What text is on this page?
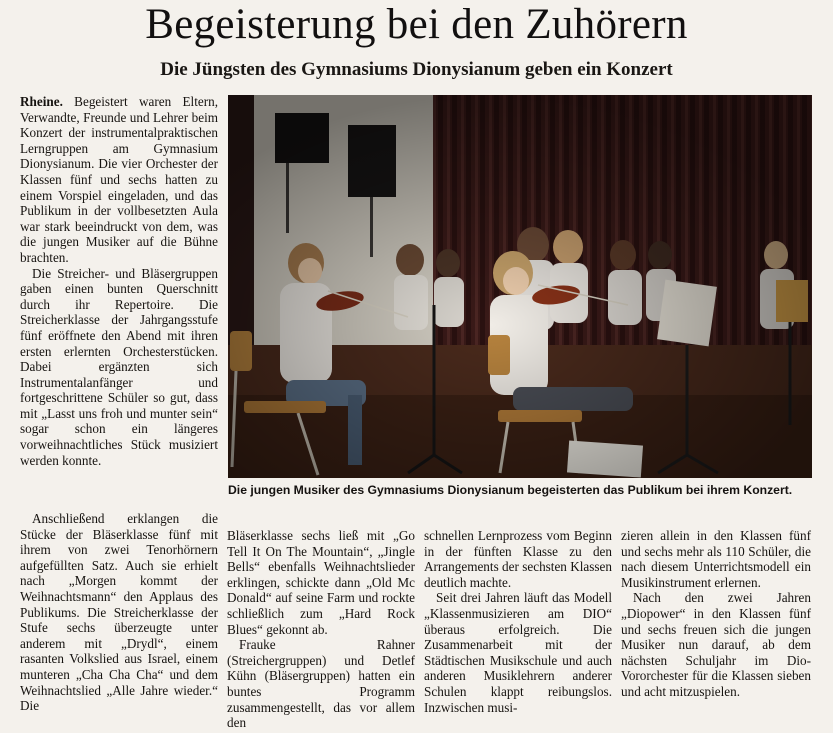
Begeisterung bei den Zuhörern
Die Jüngsten des Gymnasiums Dionysianum geben ein Konzert

Rheine. Begeistert waren Eltern, Verwandte, Freunde und Lehrer beim Konzert der instrumentalpraktischen Lerngruppen am Gymnasium Dionysianum. Die vier Orchester der Klassen fünf und sechs hatten zu einem Vorspiel eingeladen, und das Publikum in der vollbesetzten Aula war stark beeindruckt von dem, was die jungen Musiker auf die Bühne brachten.

Die Streicher- und Bläsergruppen gaben einen bunten Querschnitt durch ihr Repertoire. Die Streicherklasse der Jahrgangsstufe fünf eröffnete den Abend mit ihren ersten erlernten Orchesterstücken. Dabei ergänzten sich Instrumentalanfänger und fortgeschrittene Schüler so gut, dass mit „Lasst uns froh und munter sein“ sogar schon ein längeres vorweihnachtliches Stück musiziert werden konnte.

Anschließend erklangen die Stücke der Bläserklasse fünf mit ihrem von zwei Tenorhörnern aufgefüllten Satz. Auch sie erhielt nach „Morgen kommt der Weihnachtsmann“ den Applaus des Publikums. Die Streicherklasse der Stufe sechs überzeugte unter anderem mit „Drydl“, einem rasanten Volkslied aus Israel, einem munteren „Cha Cha Cha“ und dem Weihnachtslied „Alle Jahre wieder.“ Die

Die jungen Musiker des Gymnasiums Dionysianum begeisterten das Publikum bei ihrem Konzert.

Bläserklasse sechs ließ mit „Go Tell It On The Mountain“, „Jingle Bells“ ebenfalls Weihnachtslieder erklingen, schickte dann „Old Mc Donald“ auf seine Farm und rockte schließlich zum „Hard Rock Blues“ gekonnt ab.

Frauke Rahner (Streichergruppen) und Detlef Kühn (Bläsergruppen) hatten ein buntes Programm zusammengestellt, das vor allem den

schnellen Lernprozess vom Beginn in der fünften Klasse zu den Arrangements der sechsten Klassen deutlich machte.

Seit drei Jahren läuft das Modell „Klassenmusizieren am DIO“ überaus erfolgreich. Die Zusammenarbeit mit der Städtischen Musikschule und auch anderen Musiklehrern anderer Schulen klappt reibungslos. Inzwischen musi-

zieren allein in den Klassen fünf und sechs mehr als 110 Schüler, die nach diesem Unterrichtsmodell ein Musikinstrument erlernen.

Nach den zwei Jahren „Diopower“ in den Klassen fünf und sechs freuen sich die jungen Musiker nun darauf, ab dem nächsten Schuljahr im Dio-Vororchester für die Klassen sieben und acht mitzuspielen.
